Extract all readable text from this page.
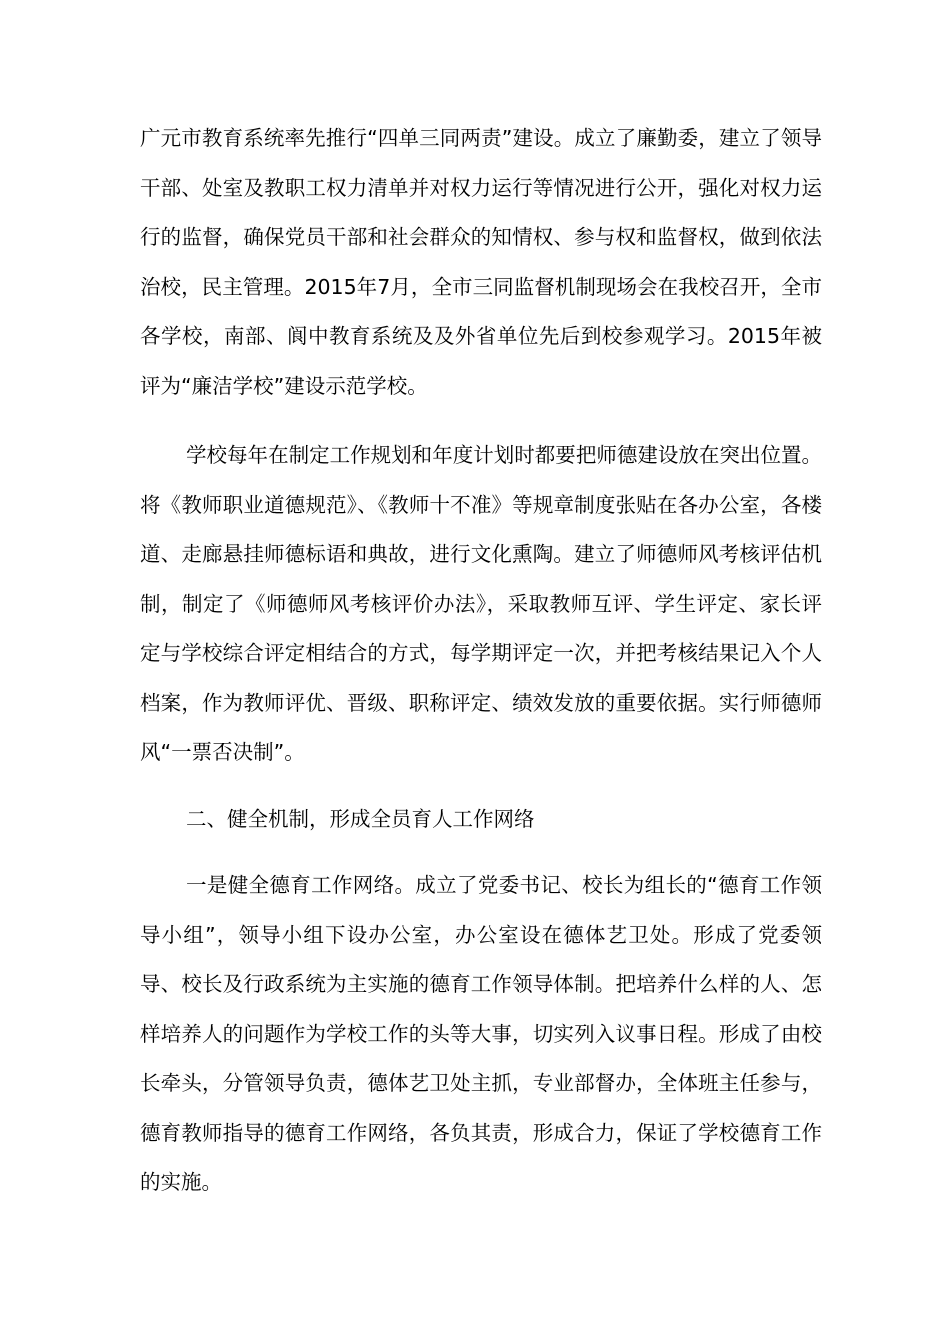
广元市教育系统率先推行“四单三同两责”建设。成立了廉勤委，建立了领导干部、处室及教职工权力清单并对权力运行等情况进行公开，强化对权力运行的监督，确保党员干部和社会群众的知情权、参与权和监督权，做到依法治校，民主管理。2015年7月，全市三同监督机制现场会在我校召开，全市各学校，南部、阆中教育系统及及外省单位先后到校参观学习。2015年被评为“廉洁学校”建设示范学校。

学校每年在制定工作规划和年度计划时都要把师德建设放在突出位置。将《教师职业道德规范》、《教师十不准》等规章制度张贴在各办公室，各楼道、走廊悬挂师德标语和典故，进行文化熏陶。建立了师德师风考核评估机制，制定了《师德师风考核评价办法》，采取教师互评、学生评定、家长评定与学校综合评定相结合的方式，每学期评定一次，并把考核结果记入个人档案，作为教师评优、晋级、职称评定、绩效发放的重要依据。实行师德师风“一票否决制”。

二、健全机制，形成全员育人工作网络

一是健全德育工作网络。成立了党委书记、校长为组长的“德育工作领导小组”，领导小组下设办公室，办公室设在德体艺卫处。形成了党委领导、校长及行政系统为主实施的德育工作领导体制。把培养什么样的人、怎样培养人的问题作为学校工作的头等大事，切实列入议事日程。形成了由校长牵头，分管领导负责，德体艺卫处主抓，专业部督办，全体班主任参与，德育教师指导的德育工作网络，各负其责，形成合力，保证了学校德育工作的实施。
